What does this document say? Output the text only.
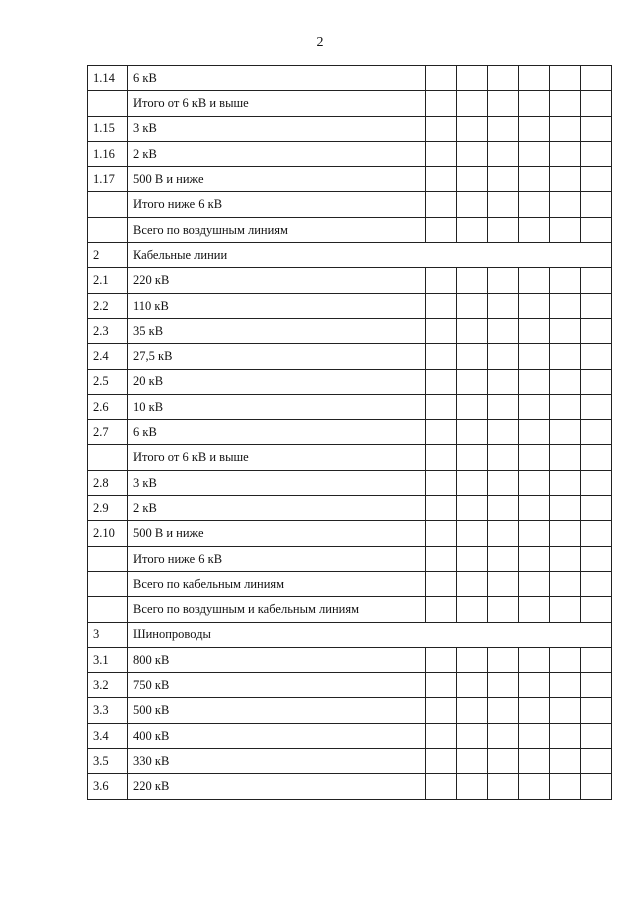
2
1.14	6 кВ						
	Итого от 6 кВ и выше						
1.15	3 кВ						
1.16	2 кВ						
1.17	500 В и ниже						
	Итого ниже 6 кВ						
	Всего по воздушным линиям						
2	Кабельные линии						
2.1	220 кВ						
2.2	110 кВ						
2.3	35 кВ						
2.4	27,5 кВ						
2.5	20 кВ						
2.6	10 кВ						
2.7	6 кВ						
	Итого от 6 кВ и выше						
2.8	3 кВ						
2.9	2 кВ						
2.10	500 В и ниже						
	Итого ниже 6 кВ						
	Всего по кабельным линиям						
	Всего по воздушным и кабельным линиям						
3	Шинопроводы						
3.1	800 кВ						
3.2	750 кВ						
3.3	500 кВ						
3.4	400 кВ						
3.5	330 кВ						
3.6	220 кВ						
